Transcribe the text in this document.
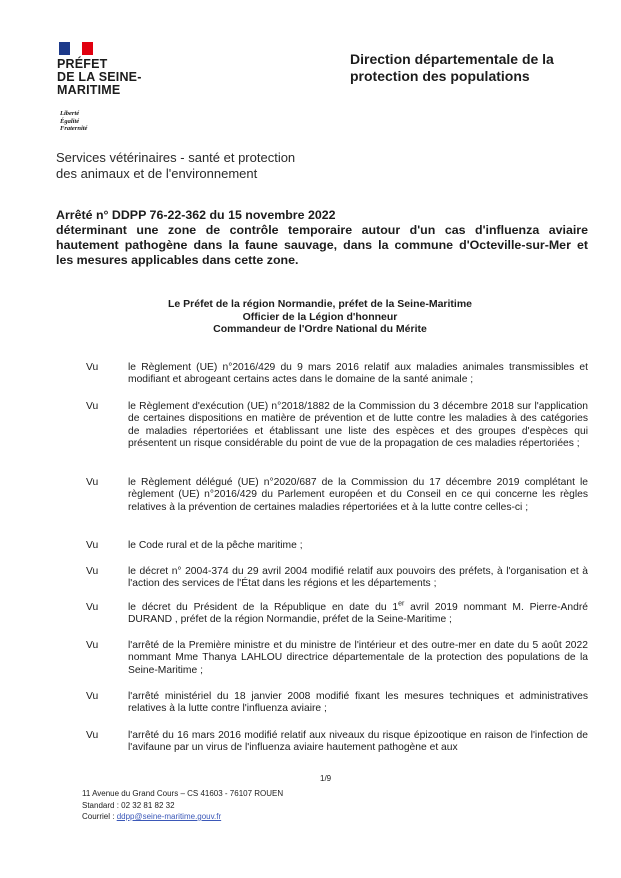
PRÉFET
DE LA SEINE-
MARITIME
Liberté
Égalité
Fraternité
Direction départementale de la protection des populations
Services vétérinaires - santé et protection
des animaux et de l'environnement
Arrêté n° DDPP 76-22-362 du 15 novembre 2022
déterminant une zone de contrôle temporaire autour d'un cas d'influenza aviaire
hautement pathogène dans la faune sauvage, dans la commune d'Octeville-sur-Mer et
les mesures applicables dans cette zone.
Le Préfet de la région Normandie, préfet de la Seine-Maritime
Officier de la Légion d'honneur
Commandeur de l'Ordre National du Mérite
Vu	le Règlement (UE) n°2016/429 du 9 mars 2016 relatif aux maladies animales transmissibles et modifiant et abrogeant certains actes dans le domaine de la santé animale ;
Vu	le Règlement d'exécution (UE) n°2018/1882 de la Commission du 3 décembre 2018 sur l'application de certaines dispositions en matière de prévention et de lutte contre les maladies à des catégories de maladies répertoriées et établissant une liste des espèces et des groupes d'espèces qui présentent un risque considérable du point de vue de la propagation de ces maladies répertoriées ;
Vu	le Règlement délégué (UE) n°2020/687 de la Commission du 17 décembre 2019 complétant le règlement (UE) n°2016/429 du Parlement européen et du Conseil en ce qui concerne les règles relatives à la prévention de certaines maladies répertoriées et à la lutte contre celles-ci ;
Vu	le Code rural et de la pêche maritime ;
Vu	le décret n° 2004-374 du 29 avril 2004 modifié relatif aux pouvoirs des préfets, à l'organisation et à l'action des services de l'État dans les régions et les départements ;
Vu	le décret du Président de la République en date du 1er avril 2019 nommant M. Pierre-André DURAND , préfet de la région Normandie, préfet de la Seine-Maritime ;
Vu	l'arrêté de la Première ministre et du ministre de l'intérieur et des outre-mer en date du 5 août 2022 nommant Mme Thanya LAHLOU directrice départementale de la protection des populations de la Seine-Maritime ;
Vu	l'arrêté ministériel du 18 janvier 2008 modifié fixant les mesures techniques et administratives relatives à la lutte contre l'influenza aviaire ;
Vu	l'arrêté du 16 mars 2016 modifié relatif aux niveaux du risque épizootique en raison de l'infection de l'avifaune par un virus de l'influenza aviaire hautement pathogène et aux
1/9
11 Avenue du Grand Cours – CS 41603 - 76107 ROUEN
Standard : 02 32 81 82 32
Courriel : ddpp@seine-maritime.gouv.fr
